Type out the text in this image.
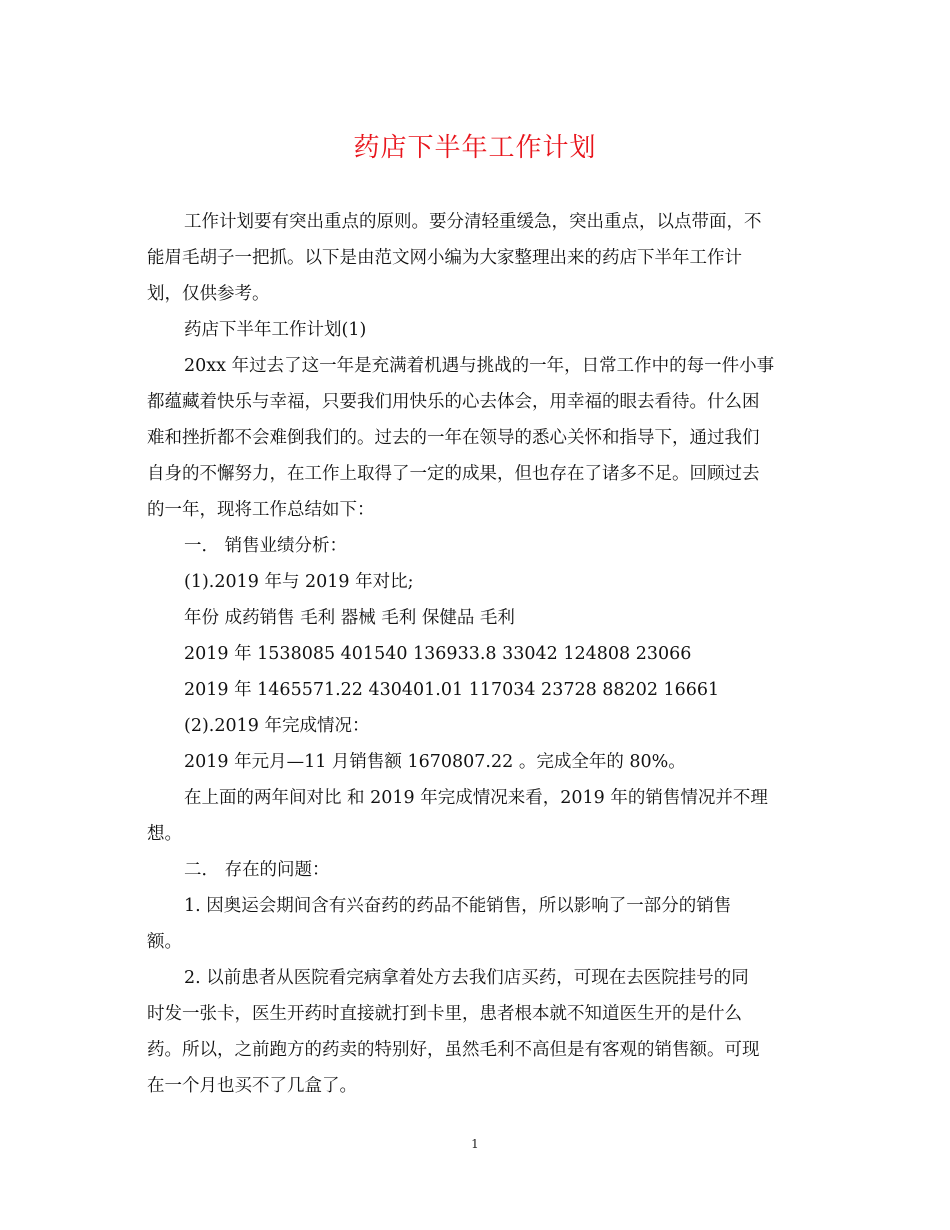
药店下半年工作计划

工作计划要有突出重点的原则。要分清轻重缓急，突出重点，以点带面，不

能眉毛胡子一把抓。以下是由范文网小编为大家整理出来的药店下半年工作计

划，仅供参考。

药店下半年工作计划(1)

20xx 年过去了这一年是充满着机遇与挑战的一年，日常工作中的每一件小事

都蕴藏着快乐与幸福，只要我们用快乐的心去体会，用幸福的眼去看待。什么困

难和挫折都不会难倒我们的。过去的一年在领导的悉心关怀和指导下，通过我们

自身的不懈努力，在工作上取得了一定的成果，但也存在了诸多不足。回顾过去

的一年，现将工作总结如下：

一． 销售业绩分析：

(1).2019 年与 2019 年对比;

年份 成药销售 毛利 器械 毛利 保健品 毛利

2019 年 1538085 401540 136933.8 33042 124808 23066

2019 年 1465571.22 430401.01 117034 23728 88202 16661

(2).2019 年完成情况：

2019 年元月—11 月销售额 1670807.22 。完成全年的 80%。

在上面的两年间对比 和 2019 年完成情况来看，2019 年的销售情况并不理

想。

二． 存在的问题：

1. 因奥运会期间含有兴奋药的药品不能销售，所以影响了一部分的销售

额。

2. 以前患者从医院看完病拿着处方去我们店买药，可现在去医院挂号的同

时发一张卡，医生开药时直接就打到卡里，患者根本就不知道医生开的是什么

药。所以，之前跑方的药卖的特别好，虽然毛利不高但是有客观的销售额。可现

在一个月也买不了几盒了。

1
